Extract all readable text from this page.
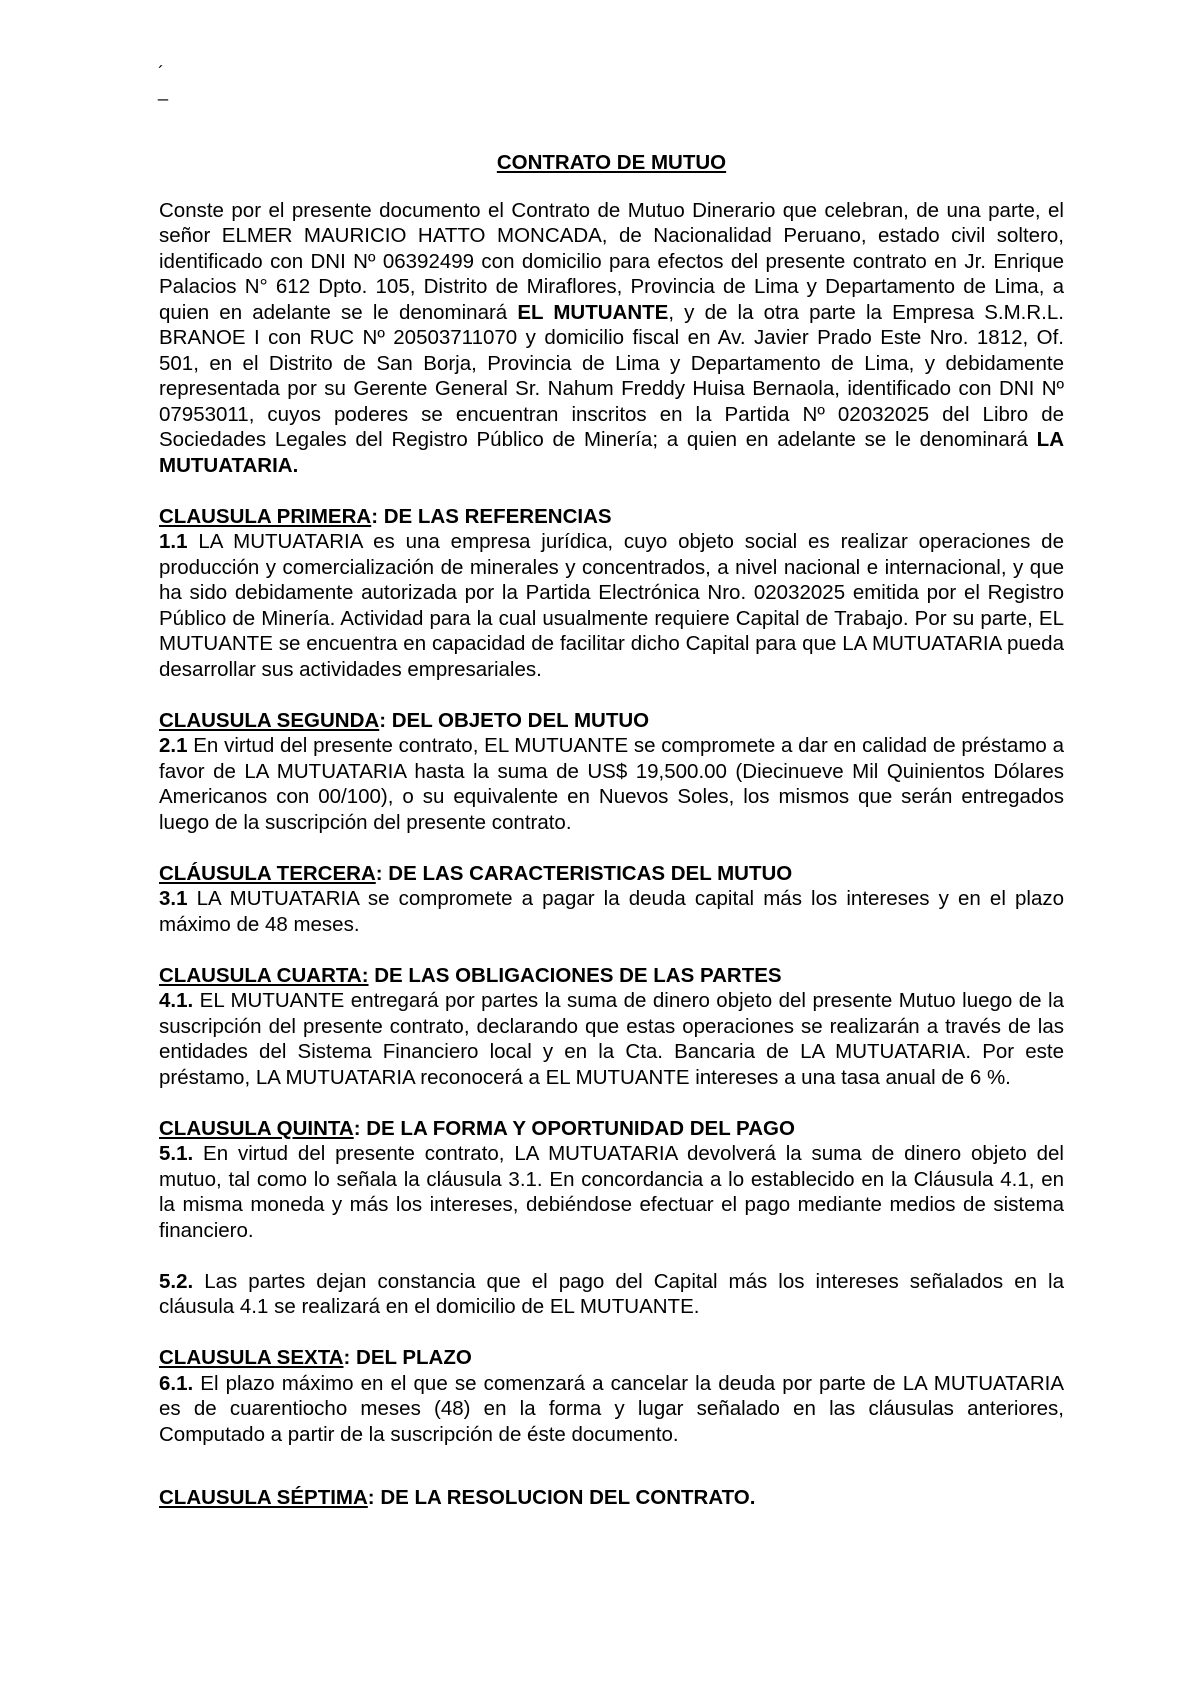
´
_

CONTRATO DE MUTUO

Conste por el presente documento el Contrato de Mutuo Dinerario que celebran, de una parte, el señor ELMER MAURICIO HATTO MONCADA, de Nacionalidad Peruano, estado civil soltero, identificado con DNI Nº 06392499 con domicilio para efectos del presente contrato en Jr. Enrique Palacios N° 612 Dpto. 105, Distrito de Miraflores, Provincia de Lima y Departamento de Lima, a quien en adelante se le denominará EL MUTUANTE, y de la otra parte la Empresa S.M.R.L. BRANOE I con RUC Nº 20503711070 y domicilio fiscal en Av. Javier Prado Este Nro. 1812, Of. 501, en el Distrito de San Borja, Provincia de Lima y Departamento de Lima, y debidamente representada por su Gerente General Sr. Nahum Freddy Huisa Bernaola, identificado con DNI Nº 07953011, cuyos poderes se encuentran inscritos en la Partida Nº 02032025 del Libro de Sociedades Legales del Registro Público de Minería; a quien en adelante se le denominará LA MUTUATARIA.

CLAUSULA PRIMERA: DE LAS REFERENCIAS

1.1 LA MUTUATARIA es una empresa jurídica, cuyo objeto social es realizar operaciones de producción y comercialización de minerales y concentrados, a nivel nacional e internacional, y que ha sido debidamente autorizada por la Partida Electrónica Nro. 02032025 emitida por el Registro Público de Minería. Actividad para la cual usualmente requiere Capital de Trabajo. Por su parte, EL MUTUANTE se encuentra en capacidad de facilitar dicho Capital para que LA MUTUATARIA pueda desarrollar sus actividades empresariales.

CLAUSULA SEGUNDA: DEL OBJETO DEL MUTUO

2.1 En virtud del presente contrato, EL MUTUANTE se compromete a dar en calidad de préstamo a favor de LA MUTUATARIA hasta la suma de US$ 19,500.00 (Diecinueve Mil Quinientos Dólares Americanos con 00/100), o su equivalente en Nuevos Soles, los mismos que serán entregados luego de la suscripción del presente contrato.

CLÁUSULA TERCERA: DE LAS CARACTERISTICAS DEL MUTUO

3.1 LA MUTUATARIA se compromete a pagar la deuda capital más los intereses y en el plazo máximo de 48 meses.

CLAUSULA CUARTA: DE LAS OBLIGACIONES DE LAS PARTES

4.1. EL MUTUANTE entregará por partes la suma de dinero objeto del presente Mutuo luego de la suscripción del presente contrato, declarando que estas operaciones se realizarán a través de las entidades del Sistema Financiero local y en la Cta. Bancaria de LA MUTUATARIA. Por este préstamo, LA MUTUATARIA reconocerá a EL MUTUANTE intereses a una tasa anual de 6 %.

CLAUSULA QUINTA: DE LA FORMA Y OPORTUNIDAD DEL PAGO

5.1. En virtud del presente contrato, LA MUTUATARIA devolverá la suma de dinero objeto del mutuo, tal como lo señala la cláusula 3.1. En concordancia a lo establecido en la Cláusula 4.1, en la misma moneda y más los intereses, debiéndose efectuar el pago mediante medios de sistema financiero.

5.2. Las partes dejan constancia que el pago del Capital más los intereses señalados en la cláusula 4.1 se realizará en el domicilio de EL MUTUANTE.

CLAUSULA SEXTA: DEL PLAZO

6.1. El plazo máximo en el que se comenzará a cancelar la deuda por parte de LA MUTUATARIA es de cuarentiocho meses (48) en la forma y lugar señalado en las cláusulas anteriores, Computado a partir de la suscripción de éste documento.

CLAUSULA SÉPTIMA: DE LA RESOLUCION DEL CONTRATO.
